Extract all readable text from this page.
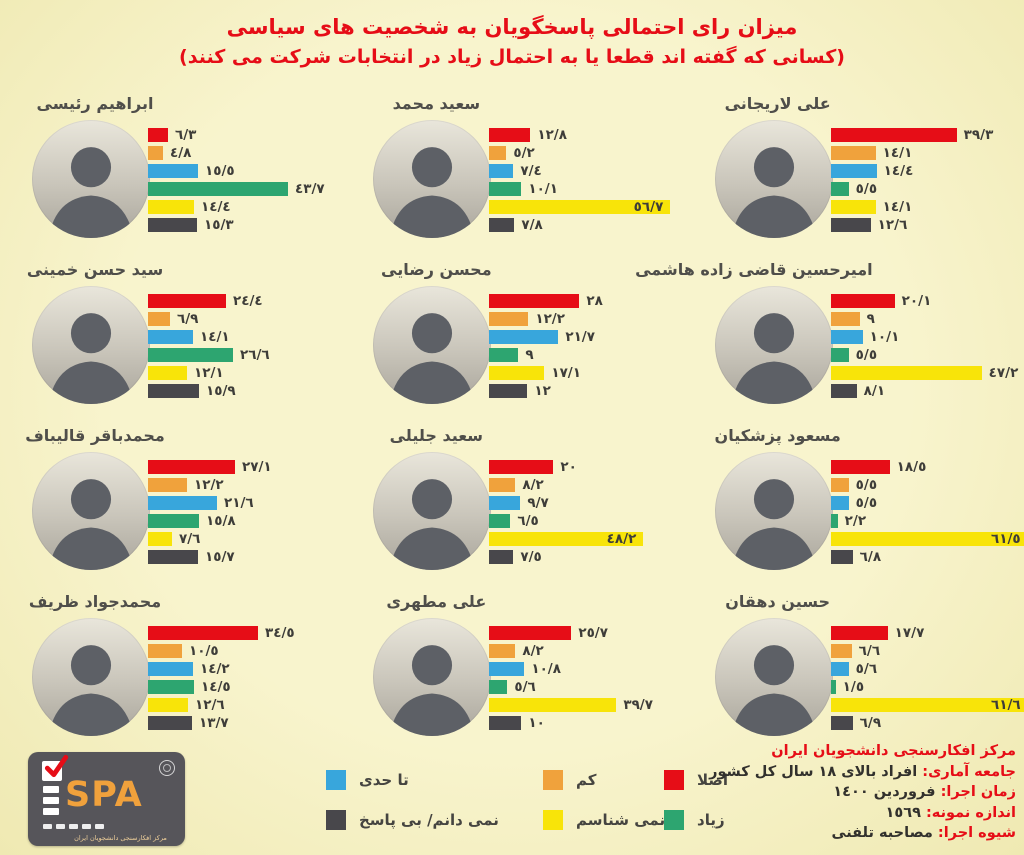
میزان رای احتمالی پاسخگویان به شخصیت های سیاسی
(کسانی که گفته اند قطعا یا به احتمال زیاد در انتخابات شرکت می کنند)
ابراهیم رئیسی
٦/٣
٤/٨
١٥/٥
٤٣/٧
١٤/٤
١٥/٣
سعید محمد
١٢/٨
٥/٢
٧/٤
١٠/١
٥٦/٧
٧/٨
علی لاریجانی
٣٩/٣
١٤/١
١٤/٤
٥/٥
١٤/١
١٢/٦
سید حسن خمینی
٢٤/٤
٦/٩
١٤/١
٢٦/٦
١٢/١
١٥/٩
محسن رضایی
٢٨
١٢/٢
٢١/٧
٩
١٧/١
١٢
امیرحسین قاضی زاده هاشمی
٢٠/١
٩
١٠/١
٥/٥
٤٧/٢
٨/١
محمدباقر قالیباف
٢٧/١
١٢/٢
٢١/٦
١٥/٨
٧/٦
١٥/٧
سعید جلیلی
٢٠
٨/٢
٩/٧
٦/٥
٤٨/٢
٧/٥
مسعود پزشکیان
١٨/٥
٥/٥
٥/٥
٢/٢
٦١/٥
٦/٨
محمدجواد ظریف
٣٤/٥
١٠/٥
١٤/٢
١٤/٥
١٢/٦
١٣/٧
علی مطهری
٢٥/٧
٨/٢
١٠/٨
٥/٦
٣٩/٧
١٠
حسین دهقان
١٧/٧
٦/٦
٥/٦
١/٥
٦١/٦
٦/٩
اصلا
کم
تا حدی
زیاد
نمی شناسم
نمی دانم/ بی پاسخ
مرکز افکارسنجی دانشجویان ایران
جامعه آماری: افراد بالای ١٨ سال کل کشور
زمان اجرا: فروردین ١٤٠٠
اندازه نمونه: ١٥٦٩
شیوه اجرا: مصاحبه تلفنی
SPA
مرکز افکارسنجی دانشجویان ایران
